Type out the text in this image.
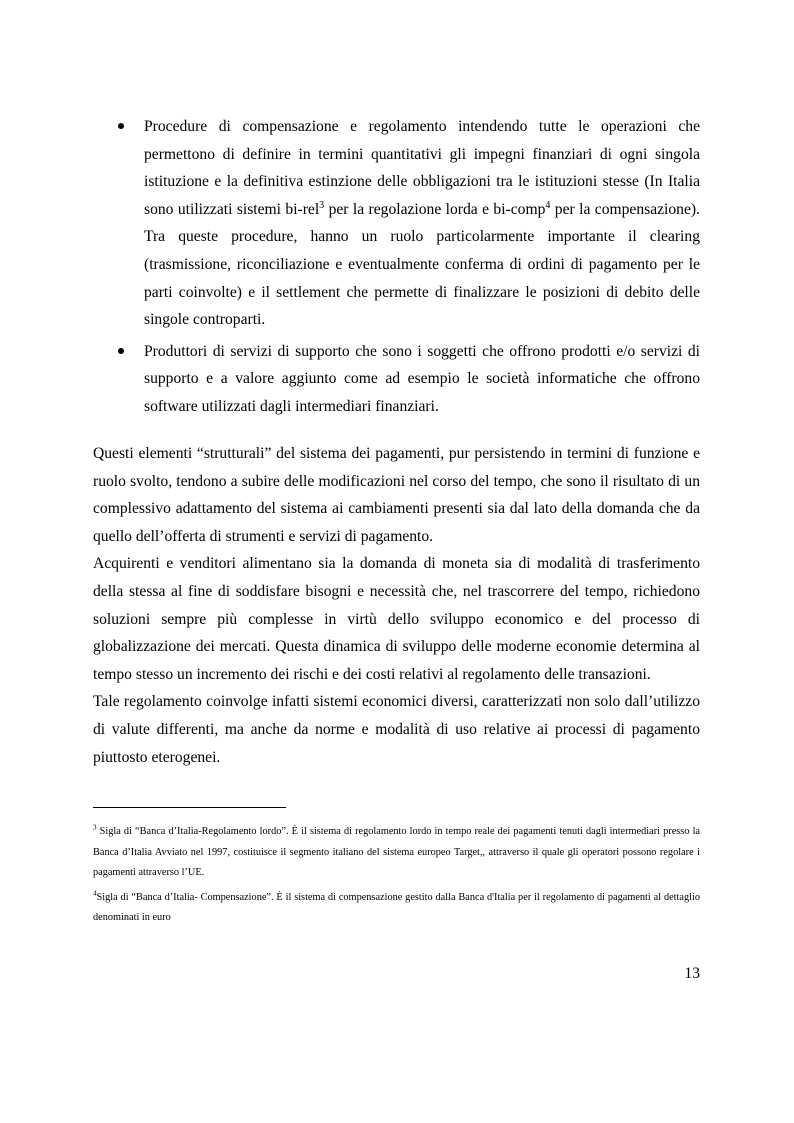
Procedure di compensazione e regolamento intendendo tutte le operazioni che permettono di definire in termini quantitativi gli impegni finanziari di ogni singola istituzione e la definitiva estinzione delle obbligazioni tra le istituzioni stesse (In Italia sono utilizzati sistemi bi-rel$^3$ per la regolazione lorda e bi-comp$^4$ per la compensazione). Tra queste procedure, hanno un ruolo particolarmente importante il clearing (trasmissione, riconciliazione e eventualmente conferma di ordini di pagamento per le parti coinvolte) e il settlement che permette di finalizzare le posizioni di debito delle singole controparti.
Produttori di servizi di supporto che sono i soggetti che offrono prodotti e/o servizi di supporto e a valore aggiunto come ad esempio le società informatiche che offrono software utilizzati dagli intermediari finanziari.

Questi elementi “strutturali” del sistema dei pagamenti, pur persistendo in termini di funzione e ruolo svolto, tendono a subire delle modificazioni nel corso del tempo, che sono il risultato di un complessivo adattamento del sistema ai cambiamenti presenti sia dal lato della domanda che da quello dell’offerta di strumenti e servizi di pagamento.

Acquirenti e venditori alimentano sia la domanda di moneta sia di modalità di trasferimento della stessa al fine di soddisfare bisogni e necessità che, nel trascorrere del tempo, richiedono soluzioni sempre più complesse in virtù dello sviluppo economico e del processo di globalizzazione dei mercati. Questa dinamica di sviluppo delle moderne economie determina al tempo stesso un incremento dei rischi e dei costi relativi al regolamento delle transazioni.

Tale regolamento coinvolge infatti sistemi economici diversi, caratterizzati non solo dall’utilizzo di valute differenti, ma anche da norme e modalità di uso relative ai processi di pagamento piuttosto eterogenei.

$^3$ Sigla di “Banca d’Italia-Regolamento lordo”. È il sistema di regolamento lordo in tempo reale dei pagamenti tenuti dagli intermediari presso la Banca d’Italia Avviato nel 1997, costituisce il segmento italiano del sistema europeo Target,, attraverso il quale gli operatori possono regolare i pagamenti attraverso l’UE.

$^4$Sigla di “Banca d’Italia- Compensazione”. È il sistema di compensazione gestito dalla Banca d'Italia per il regolamento di pagamenti al dettaglio denominati in euro

13
